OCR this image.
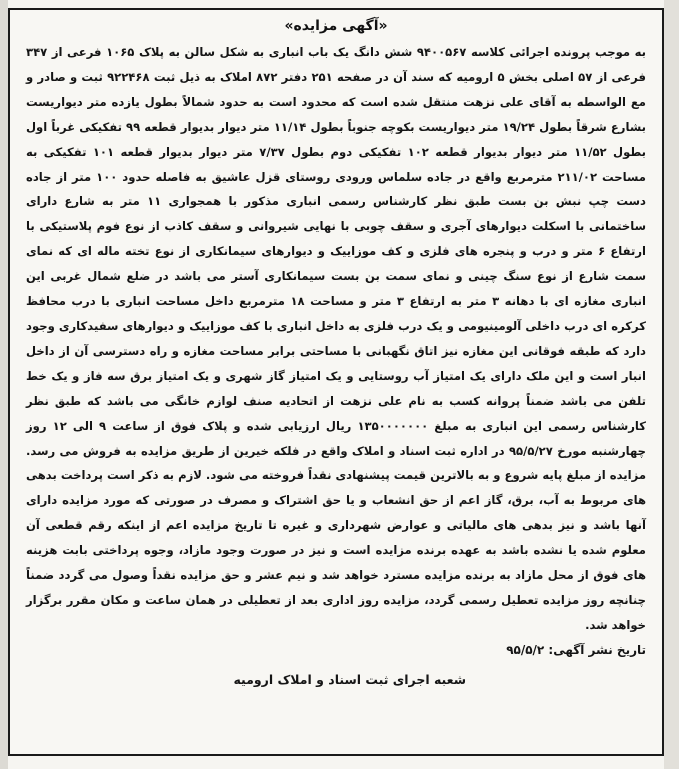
«آگهی مزایده»

به موجب پرونده اجرائی کلاسه ۹۴۰۰۵۶۷ شش دانگ یک باب انباری به شکل سالن به پلاک ۱۰۶۵ فرعی از ۳۴۷ فرعی از ۵۷ اصلی بخش ۵ ارومیه که سند آن در صفحه ۲۵۱ دفتر ۸۷۲ املاک به ذیل ثبت ۹۲۲۴۶۸ ثبت و صادر و مع الواسطه به آقای علی نزهت منتقل شده است که محدود است به حدود شمالاً بطول یازده متر دیواریست بشارع شرقاً بطول ۱۹/۲۴ متر دیواریست بکوچه جنوباً بطول ۱۱/۱۴ متر دیوار بدیوار قطعه ۹۹ تفکیکی غرباً اول بطول ۱۱/۵۲ متر دیوار بدیوار قطعه ۱۰۲ تفکیکی دوم بطول ۷/۳۷ متر دیوار بدیوار قطعه ۱۰۱ تفکیکی به مساحت ۲۱۱/۰۲ مترمربع واقع در جاده سلماس ورودی روستای قزل عاشیق به فاصله حدود ۱۰۰ متر از جاده دست چپ نبش بن بست طبق نظر کارشناس رسمی انباری مذکور با همجواری ۱۱ متر به شارع دارای ساختمانی با اسکلت دیوارهای آجری و سقف چوبی با نهایی شیروانی و سقف کاذب از نوع فوم پلاستیکی با ارتفاع ۶ متر و درب و پنجره های فلزی و کف موزاییک و دیوارهای سیمانکاری از نوع تخته ماله ای که نمای سمت شارع از نوع سنگ چینی و نمای سمت بن بست سیمانکاری آستر می باشد در ضلع شمال غربی این انباری مغازه ای با دهانه ۳ متر به ارتفاع ۳ متر و مساحت ۱۸ مترمربع داخل مساحت انباری با درب محافظ کرکره ای درب داخلی آلومینیومی و یک درب فلزی به داخل انباری با کف موزاییک و دیوارهای سفیدکاری وجود دارد که طبقه فوقانی این مغازه نیز اتاق نگهبانی با مساحتی برابر مساحت مغازه و راه دسترسی آن از داخل انبار است و این ملک دارای یک امتیاز آب روستایی و یک امتیاز گاز شهری و یک امتیاز برق سه فاز و یک خط تلفن می باشد ضمناً پروانه کسب به نام علی نزهت از اتحادیه صنف لوازم خانگی می باشد که طبق نظر کارشناس رسمی این انباری به مبلغ ۱۳۵۰۰۰۰۰۰۰ ریال ارزیابی شده و پلاک فوق از ساعت ۹ الی ۱۲ روز چهارشنبه مورخ ۹۵/۵/۲۷ در اداره ثبت اسناد و املاک واقع در فلکه خیرین از طریق مزایده به فروش می رسد. مزایده از مبلغ پایه شروع و به بالاترین قیمت پیشنهادی نقداً فروخته می شود. لازم به ذکر است پرداخت بدهی های مربوط به آب، برق، گاز اعم از حق انشعاب و یا حق اشتراک و مصرف در صورتی که مورد مزایده دارای آنها باشد و نیز بدهی های مالیاتی و عوارض شهرداری و غیره تا تاریخ مزایده اعم از اینکه رقم قطعی آن معلوم شده یا نشده باشد به عهده برنده مزایده است و نیز در صورت وجود مازاد، وجوه پرداختی بابت هزینه های فوق از محل مازاد به برنده مزایده مسترد خواهد شد و نیم عشر و حق مزایده نقداً وصول می گردد ضمناً چنانچه روز مزایده تعطیل رسمی گردد، مزایده روز اداری بعد از تعطیلی در همان ساعت و مکان مقرر برگزار خواهد شد.

تاریخ نشر آگهی: ۹۵/۵/۲
شعبه اجرای ثبت اسناد و املاک ارومیه
